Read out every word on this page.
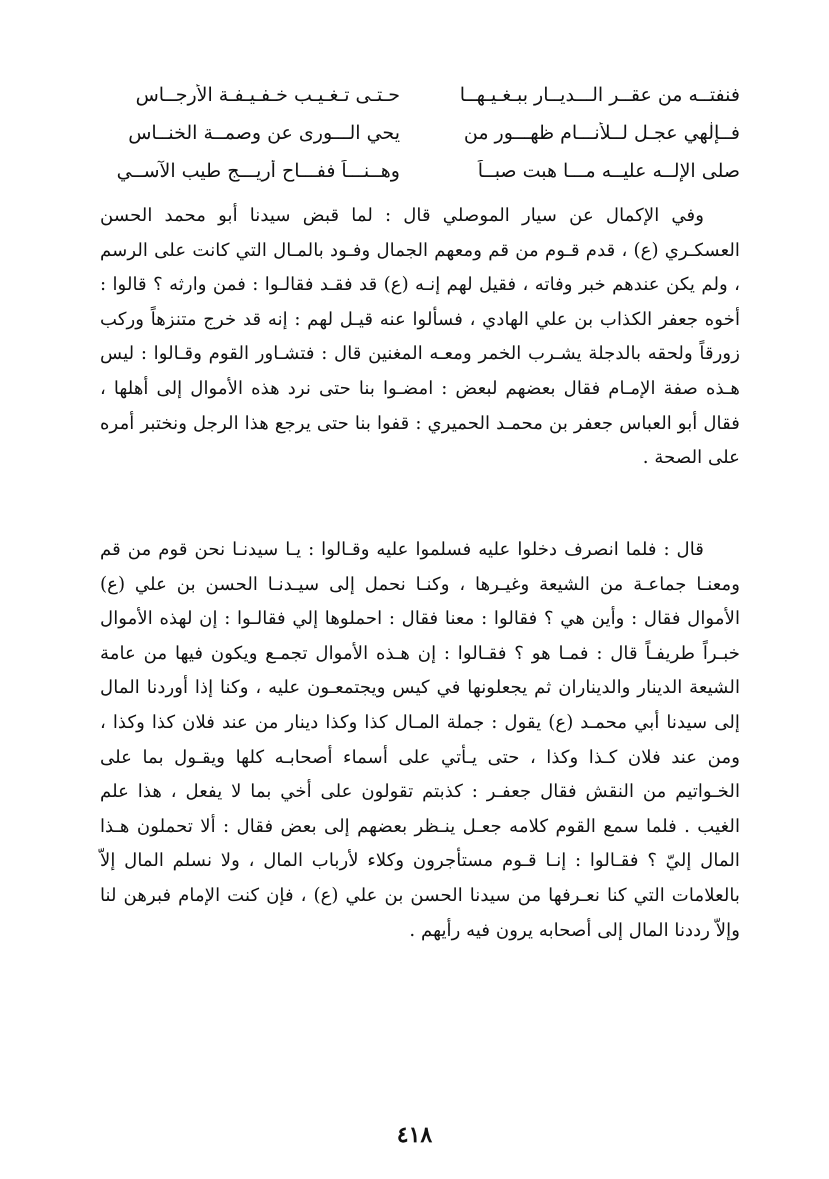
فنفتــه من عقــر الـــديــار ببـغـيـهــا
حـتـى تـغـيـب خـفـيـفـة الأرجــاس
فــإلٰهي عجـل لــلأنـــام ظهـــور من
يحي الـــورى عن وصمــة الخنــاس
صلى الإلــه عليــه مـــا هبت صبــاً
وهــنـــاً ففـــاح أريـــج طيب الآســي

وفي الإكمال عن سيار الموصلي قال : لما قبض سيدنا أبو محمد الحسن العسكـري (ع) ، قدم قـوم من قم ومعهم الجمال وفـود بالمـال التي كانت على الرسم ، ولم يكن عندهم خبر وفاته ، فقيل لهم إنـه (ع) قد فقـد فقالـوا : فمن وارثه ؟ قالوا : أخوه جعفر الكذاب بن علي الهادي ، فسألوا عنه قيـل لهم : إنه قد خرج متنزهاً وركب زورقاً ولحقه بالدجلة يشـرب الخمر ومعـه المغنين قال : فتشـاور القوم وقـالوا : ليس هـذه صفة الإمـام فقال بعضهم لبعض : امضـوا بنا حتى نرد هذه الأموال إلى أهلها ، فقال أبو العباس جعفر بن محمـد الحميري : قفوا بنا حتى يرجع هذا الرجل ونختبر أمره على الصحة .

قال : فلما انصرف دخلوا عليه فسلموا عليه وقـالوا : يـا سيدنـا نحن قوم من قم ومعنـا جماعـة من الشيعة وغيـرها ، وكنـا نحمل إلى سيـدنـا الحسن بن علي (ع) الأموال فقال : وأين هي ؟ فقالوا : معنا فقال : احملوها إلي فقالـوا : إن لهذه الأموال خبـراً طريفـاً قال : فمـا هو ؟ فقـالوا : إن هـذه الأموال تجمـع ويكون فيها من عامة الشيعة الدينار والديناران ثم يجعلونها في كيس ويجتمعـون عليه ، وكنا إذا أوردنا المال إلى سيدنا أبي محمـد (ع) يقول : جملة المـال كذا وكذا دينار من عند فلان كذا وكذا ، ومن عند فلان كـذا وكذا ، حتى يـأتي على أسماء أصحابـه كلها ويقـول بما على الخـواتيم من النقش فقال جعفـر : كذبتم تقولون على أخي بما لا يفعل ، هذا علم الغيب . فلما سمع القوم كلامه جعـل ينـظر بعضهم إلى بعض فقال : ألا تحملون هـذا المال إليّ ؟ فقـالوا : إنـا قـوم مستأجرون وكلاء لأرباب المال ، ولا نسلم المال إلاّ بالعلامات التي كنا نعـرفها من سيدنا الحسن بن علي (ع) ، فإن كنت الإمام فبرهن لنا وإلاّ رددنا المال إلى أصحابه يرون فيه رأيهم .

٤١٨
